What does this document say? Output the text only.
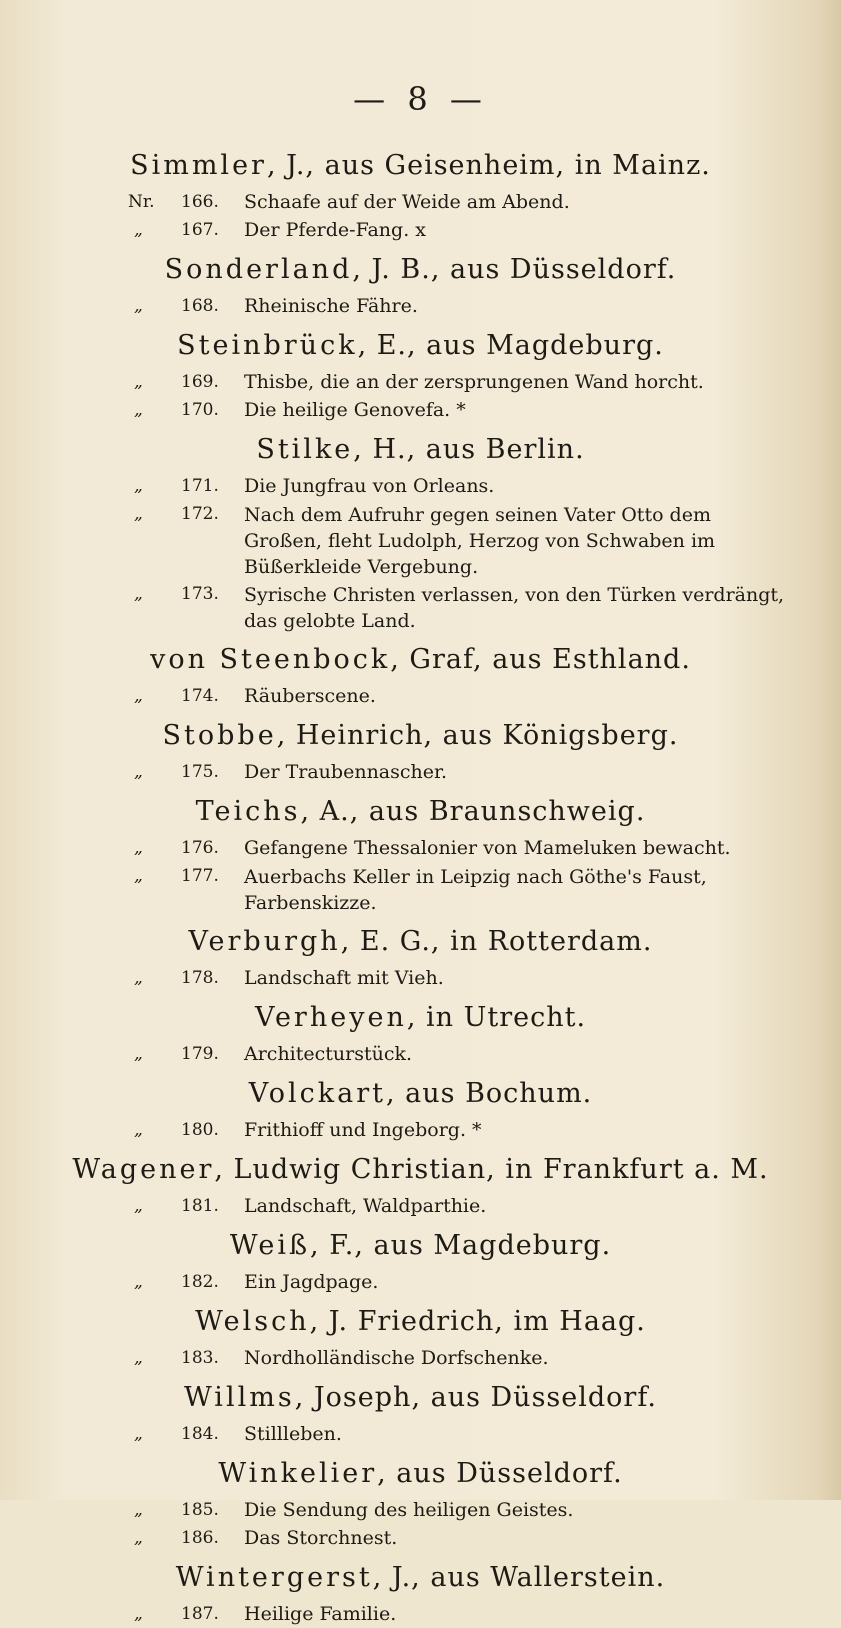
— 8 —
Simmler, J., aus Geisenheim, in Mainz.
Nr.	166.	Schaafe auf der Weide am Abend.
„	167.	Der Pferde-Fang. x
Sonderland, J. B., aus Düsseldorf.
„	168.	Rheinische Fähre.
Steinbrück, E., aus Magdeburg.
„	169.	Thisbe, die an der zersprungenen Wand horcht.
„	170.	Die heilige Genovefa. *
Stilke, H., aus Berlin.
„	171.	Die Jungfrau von Orleans.
„	172.	Nach dem Aufruhr gegen seinen Vater Otto dem Großen, fleht Ludolph, Herzog von Schwaben im Büßerkleide Vergebung.
„	173.	Syrische Christen verlassen, von den Türken verdrängt, das gelobte Land.
von Steenbock, Graf, aus Esthland.
„	174.	Räuberscene.
Stobbe, Heinrich, aus Königsberg.
„	175.	Der Traubennascher.
Teichs, A., aus Braunschweig.
„	176.	Gefangene Thessalonier von Mameluken bewacht.
„	177.	Auerbachs Keller in Leipzig nach Göthe's Faust, Farbenskizze.
Verburgh, E. G., in Rotterdam.
„	178.	Landschaft mit Vieh.
Verheyen, in Utrecht.
„	179.	Architecturstück.
Volckart, aus Bochum.
„	180.	Frithioff und Ingeborg. *
Wagener, Ludwig Christian, in Frankfurt a. M.
„	181.	Landschaft, Waldparthie.
Weiß, F., aus Magdeburg.
„	182.	Ein Jagdpage.
Welsch, J. Friedrich, im Haag.
„	183.	Nordholländische Dorfschenke.
Willms, Joseph, aus Düsseldorf.
„	184.	Stillleben.
Winkelier, aus Düsseldorf.
„	185.	Die Sendung des heiligen Geistes.
„	186.	Das Storchnest.
Wintergerst, J., aus Wallerstein.
„	187.	Heilige Familie.
